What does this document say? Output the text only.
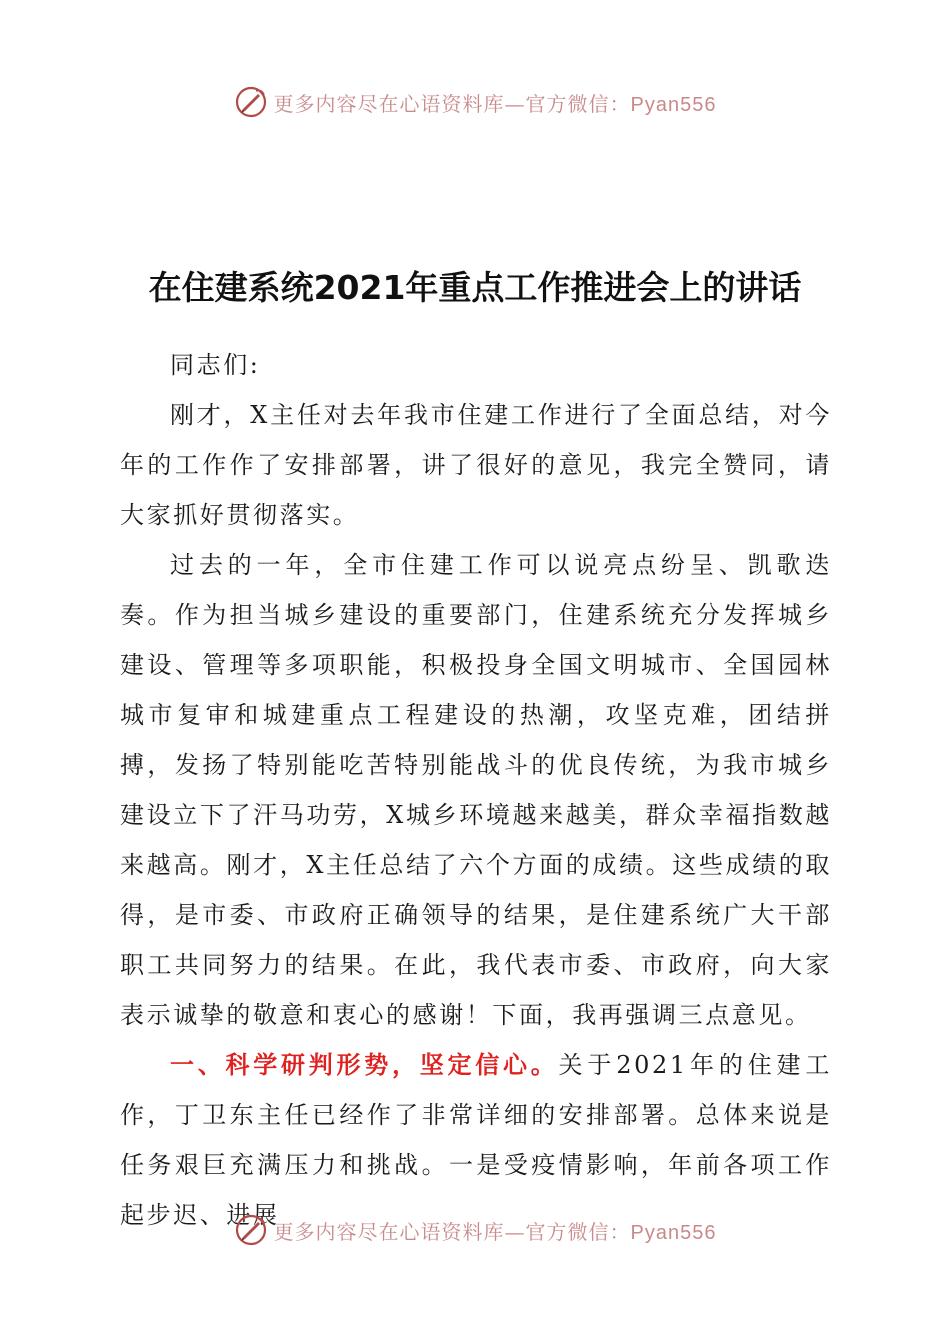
更多内容尽在心语资料库—官方微信：Pyan556
在住建系统2021年重点工作推进会上的讲话

同志们:

刚才，X主任对去年我市住建工作进行了全面总结，对今年的工作作了安排部署，讲了很好的意见，我完全赞同，请大家抓好贯彻落实。

过去的一年，全市住建工作可以说亮点纷呈、凯歌迭奏。作为担当城乡建设的重要部门，住建系统充分发挥城乡建设、管理等多项职能，积极投身全国文明城市、全国园林城市复审和城建重点工程建设的热潮，攻坚克难，团结拼搏，发扬了特别能吃苦特别能战斗的优良传统，为我市城乡建设立下了汗马功劳，X城乡环境越来越美，群众幸福指数越来越高。刚才，X主任总结了六个方面的成绩。这些成绩的取得，是市委、市政府正确领导的结果，是住建系统广大干部职工共同努力的结果。在此，我代表市委、市政府，向大家表示诚挚的敬意和衷心的感谢！下面，我再强调三点意见。

一、科学研判形势，坚定信心。关于2021年的住建工作，丁卫东主任已经作了非常详细的安排部署。总体来说是任务艰巨充满压力和挑战。一是受疫情影响，年前各项工作起步迟、进展

更多内容尽在心语资料库—官方微信：Pyan556
